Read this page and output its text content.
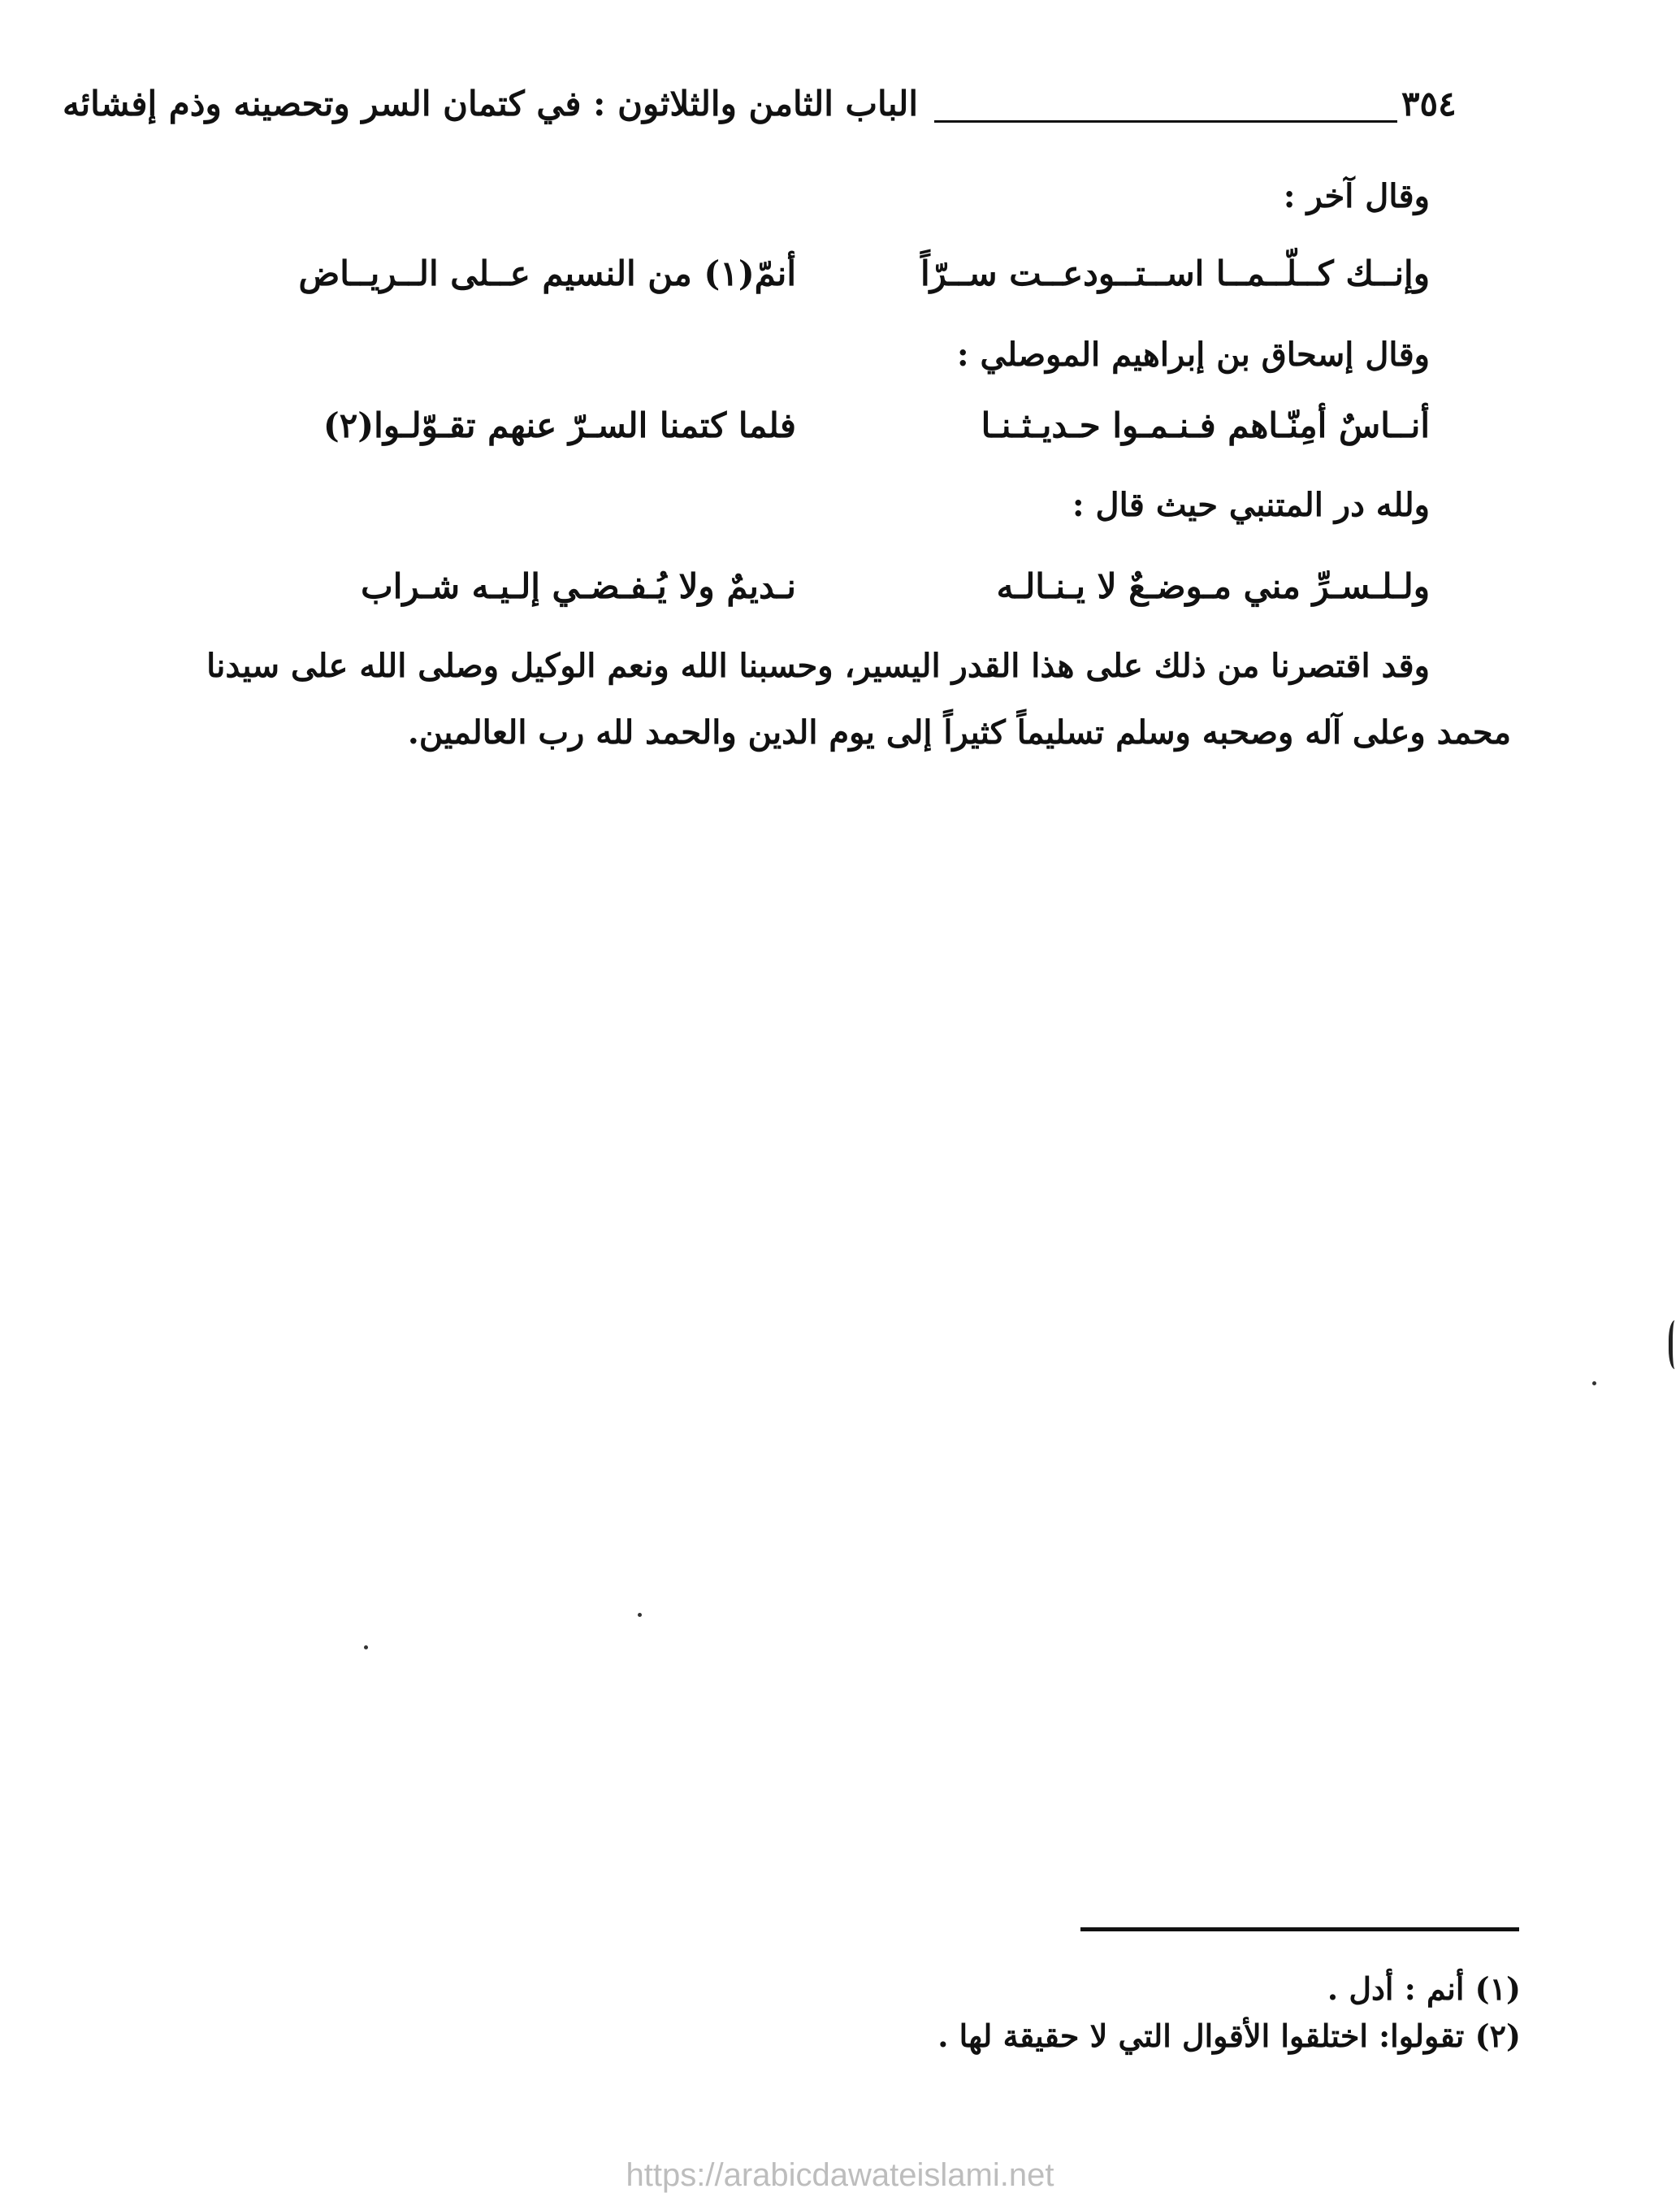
الباب الثامن والثلاثون : في كتمان السر وتحصينه وذم إفشائه	٣٥٤
وقال آخر :
وإنــك كــلّــمــا اســتــودعــت ســرّاً
أنمّ(١) من النسيم عــلى الــريــاض
وقال إسحاق بن إبراهيم الموصلي :
أنــاسٌ أمِنّـاهم فـنـمـوا حـديـثـنـا
فلما كتمنا السـرّ عنهم تقـوّلـوا(٢)
ولله در المتنبي حيث قال :
ولـلـسـرِّ مني مـوضـعٌ لا يـنـالـه
نـديمٌ ولا يُـفـضـي إلـيـه شـراب
وقد اقتصرنا من ذلك على هذا القدر اليسير، وحسبنا الله ونعم الوكيل وصلى الله على سيدنا
محمد وعلى آله وصحبه وسلم تسليماً كثيراً إلى يوم الدين والحمد لله رب العالمين.
(١) أنم : أدل .
(٢) تقولوا: اختلقوا الأقوال التي لا حقيقة لها .
https://arabicdawateislami.net
